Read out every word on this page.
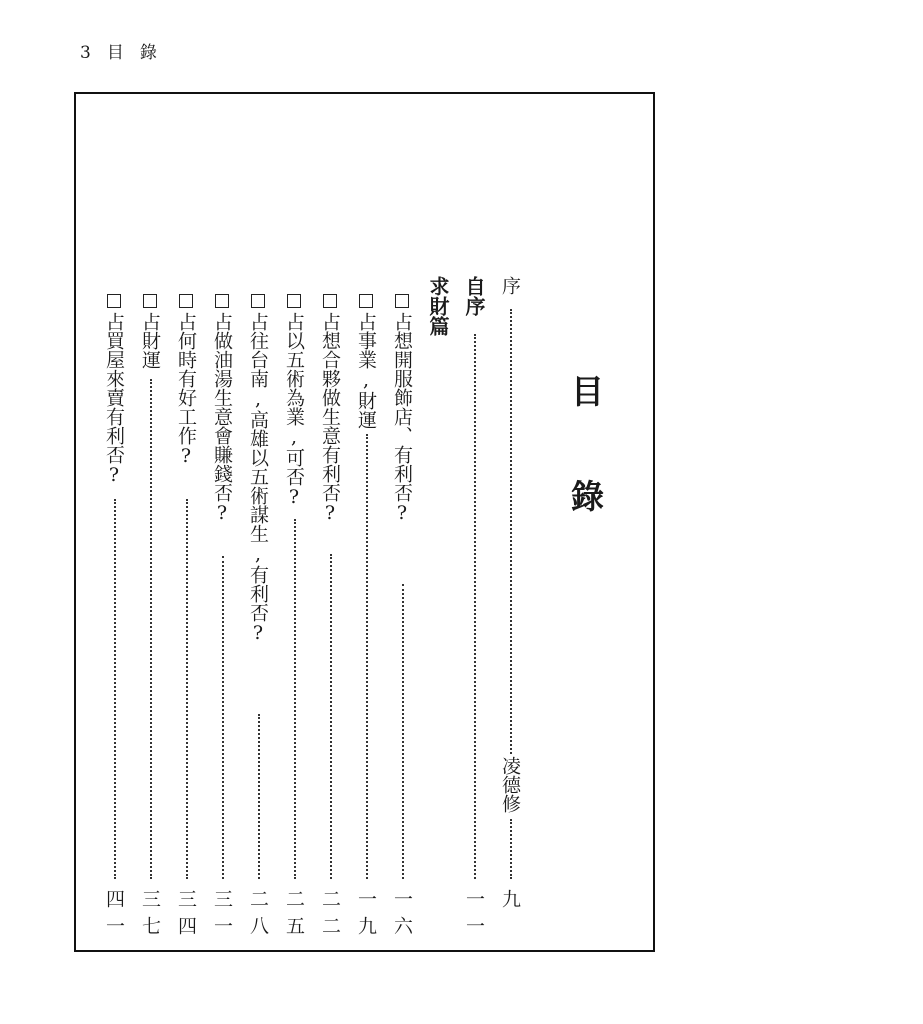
3 目 錄
目錄
序
凌德修
九
自序
一一
求財篇
占想開服飾店、有利否?
一六
占事業,財運
一九
占想合夥做生意有利否?
二二
占以五術為業,可否?
二五
占往台南,高雄以五術謀生,有利否?
二八
占做油湯生意會賺錢否?
三一
占何時有好工作?
三四
占財運
三七
占買屋來賣有利否?
四一
